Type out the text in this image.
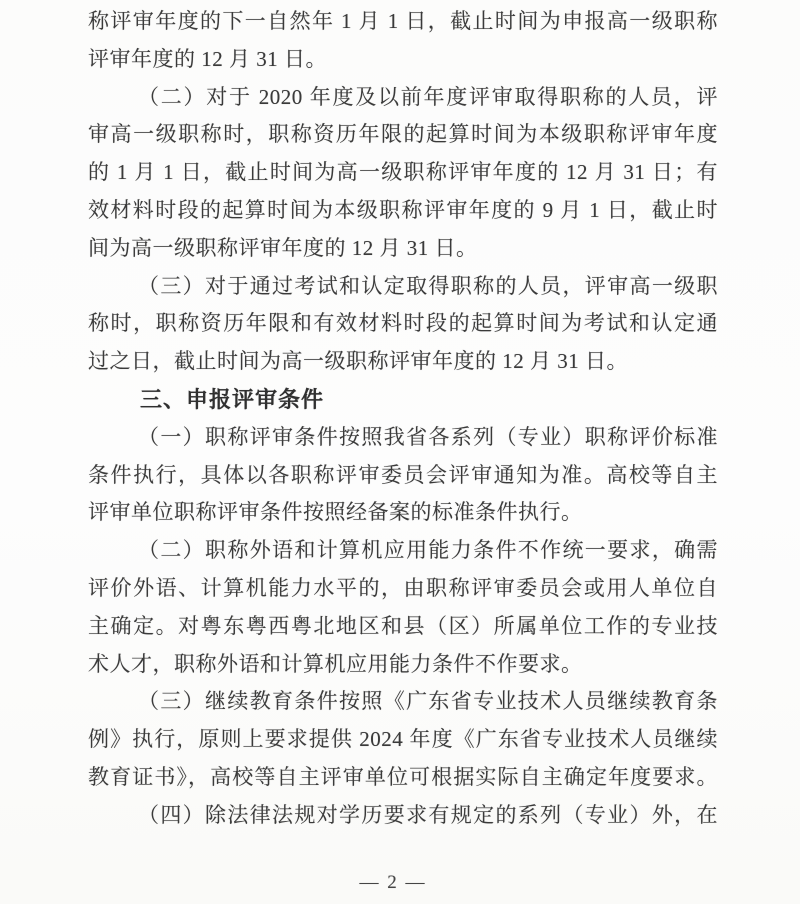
称评审年度的下一自然年 1 月 1 日，截止时间为申报高一级职称
评审年度的 12 月 31 日。
（二）对于 2020 年度及以前年度评审取得职称的人员，评
审高一级职称时，职称资历年限的起算时间为本级职称评审年度
的 1 月 1 日，截止时间为高一级职称评审年度的 12 月 31 日；有
效材料时段的起算时间为本级职称评审年度的 9 月 1 日，截止时
间为高一级职称评审年度的 12 月 31 日。
（三）对于通过考试和认定取得职称的人员，评审高一级职
称时，职称资历年限和有效材料时段的起算时间为考试和认定通
过之日，截止时间为高一级职称评审年度的 12 月 31 日。
三、申报评审条件
（一）职称评审条件按照我省各系列（专业）职称评价标准
条件执行，具体以各职称评审委员会评审通知为准。高校等自主
评审单位职称评审条件按照经备案的标准条件执行。
（二）职称外语和计算机应用能力条件不作统一要求，确需
评价外语、计算机能力水平的，由职称评审委员会或用人单位自
主确定。对粤东粤西粤北地区和县（区）所属单位工作的专业技
术人才，职称外语和计算机应用能力条件不作要求。
（三）继续教育条件按照《广东省专业技术人员继续教育条
例》执行，原则上要求提供 2024 年度《广东省专业技术人员继续
教育证书》，高校等自主评审单位可根据实际自主确定年度要求。
（四）除法律法规对学历要求有规定的系列（专业）外，在
— 2 —
